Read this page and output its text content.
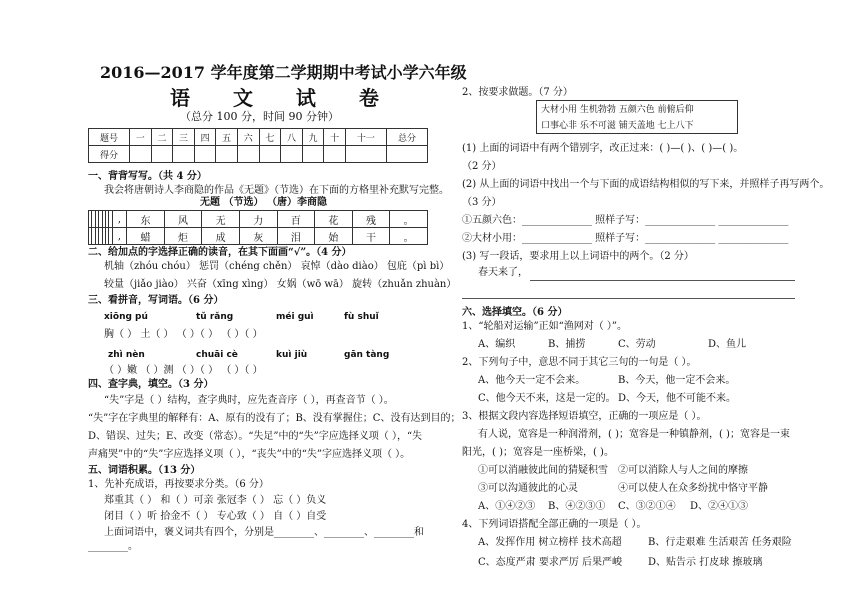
2016—2017 学年度第二学期期中考试小学六年级
语 文 试 卷
（总分 100 分，时间 90 分钟）
题号	一	二	三	四	五	六	七	八	九	十	十一	总分
得分												
一、背背写写。（共 4 分）
我会将唐朝诗人李商隐的作品《无题》（节选）在下面的方格里补充默写完整。
无题 （节选） （唐）李商隐
							,	东	风	无	力	百	花	残	。
							,	蜡	炬	成	灰	泪	始	干	。
二、给加点的字选择正确的读音，在其下面画“√”。（4 分）
机轴（zhóu chóu） 惩罚（chéng chěn） 哀悼（dào diào） 包庇（pì bì）
较量（jiǎo jiào） 兴奋（xīng xìng） 女娲（wō wā） 旋转（zhuǎn zhuàn）
三、看拼音，写词语。（6 分）
xiōng pú	tǔ rǎng	méi guì	fù shuǐ
胸（ ） 土（ ） （ ）（ ） （ ）（ ）
zhì nèn	chuāi cè	kuì jiù	gān tàng
（ ）嫩 （ ）测 （ ）（ ） （ ）（ ）
四、查字典，填空。（3 分）
“失”字是（ ）结构，查字典时，应先查音序（ ），再查音节（ ）。
“失”字在字典里的解释有：A、原有的没有了；B、没有掌握住；C、没有达到目的；
D、错误、过失；E、改变（常态）。“失足”中的“失”字应选择义项（ ），“失
声痛哭”中的“失”字应选择义项（ ），“丧失”中的“失”字应选择义项（ ）。
五、词语积累。（13 分）
1、先补充成语，再按要求分类。（6 分）
郑重其（ ） 和（ ）可亲 张冠李（ ） 忘（ ）负义
闭目（ ）听 拾金不（ ） 专心致（ ） 自（ ）自受
上面词语中，褒义词共有四个，分别是________、________、________和
________。
2、按要求做题。（7 分）
大材小用 生机勃勃 五颜六色 前俯后仰
口事心非 乐不可滋 铺天盖地 七上八下
(1) 上面的词语中有两个错别字，改正过来：( )—( )、( )—( )。
（2 分）
(2) 从上面的词语中找出一个与下面的成语结构相似的写下来，并照样子再写两个。
（3 分）
①五颜六色：______________ 照样子写：______________ ______________
②大材小用：______________ 照样子写：______________ ______________
(3) 写一段话，要求用上以上词语中的两个。（2 分）
春天来了，
六、选择填空。（6 分）
1、“轮船对运输”正如“渔网对（ ）”。
A、编织	B、捕捞	C、劳动	D、鱼儿
2、下列句子中，意思不同于其它三句的一句是（ ）。
A、他今天一定不会来。	B、今天，他一定不会来。
C、他今天不来，这是一定的。 D、今天，他不可能不来。
3、根据文段内容选择短语填空，正确的一项应是（ ）。
有人说，宽容是一种润滑剂，( )；宽容是一种镇静剂，( )；宽容是一束
阳光，( )；宽容是一座桥梁，( )。
①可以消融彼此间的猜疑积雪 ②可以消除人与人之间的摩擦
③可以沟通彼此的心灵	④可以使人在众多纷扰中恪守平静
A、①④②③ B、④②③① C、③②①④ D、②④①③
4、下列词语搭配全部正确的一项是（ ）。
A、发挥作用 树立榜样 技术高超	B、行走艰难 生活艰苦 任务艰险
C、态度严肃 要求严厉 后果严峻	D、贴告示 打皮球 擦玻璃
